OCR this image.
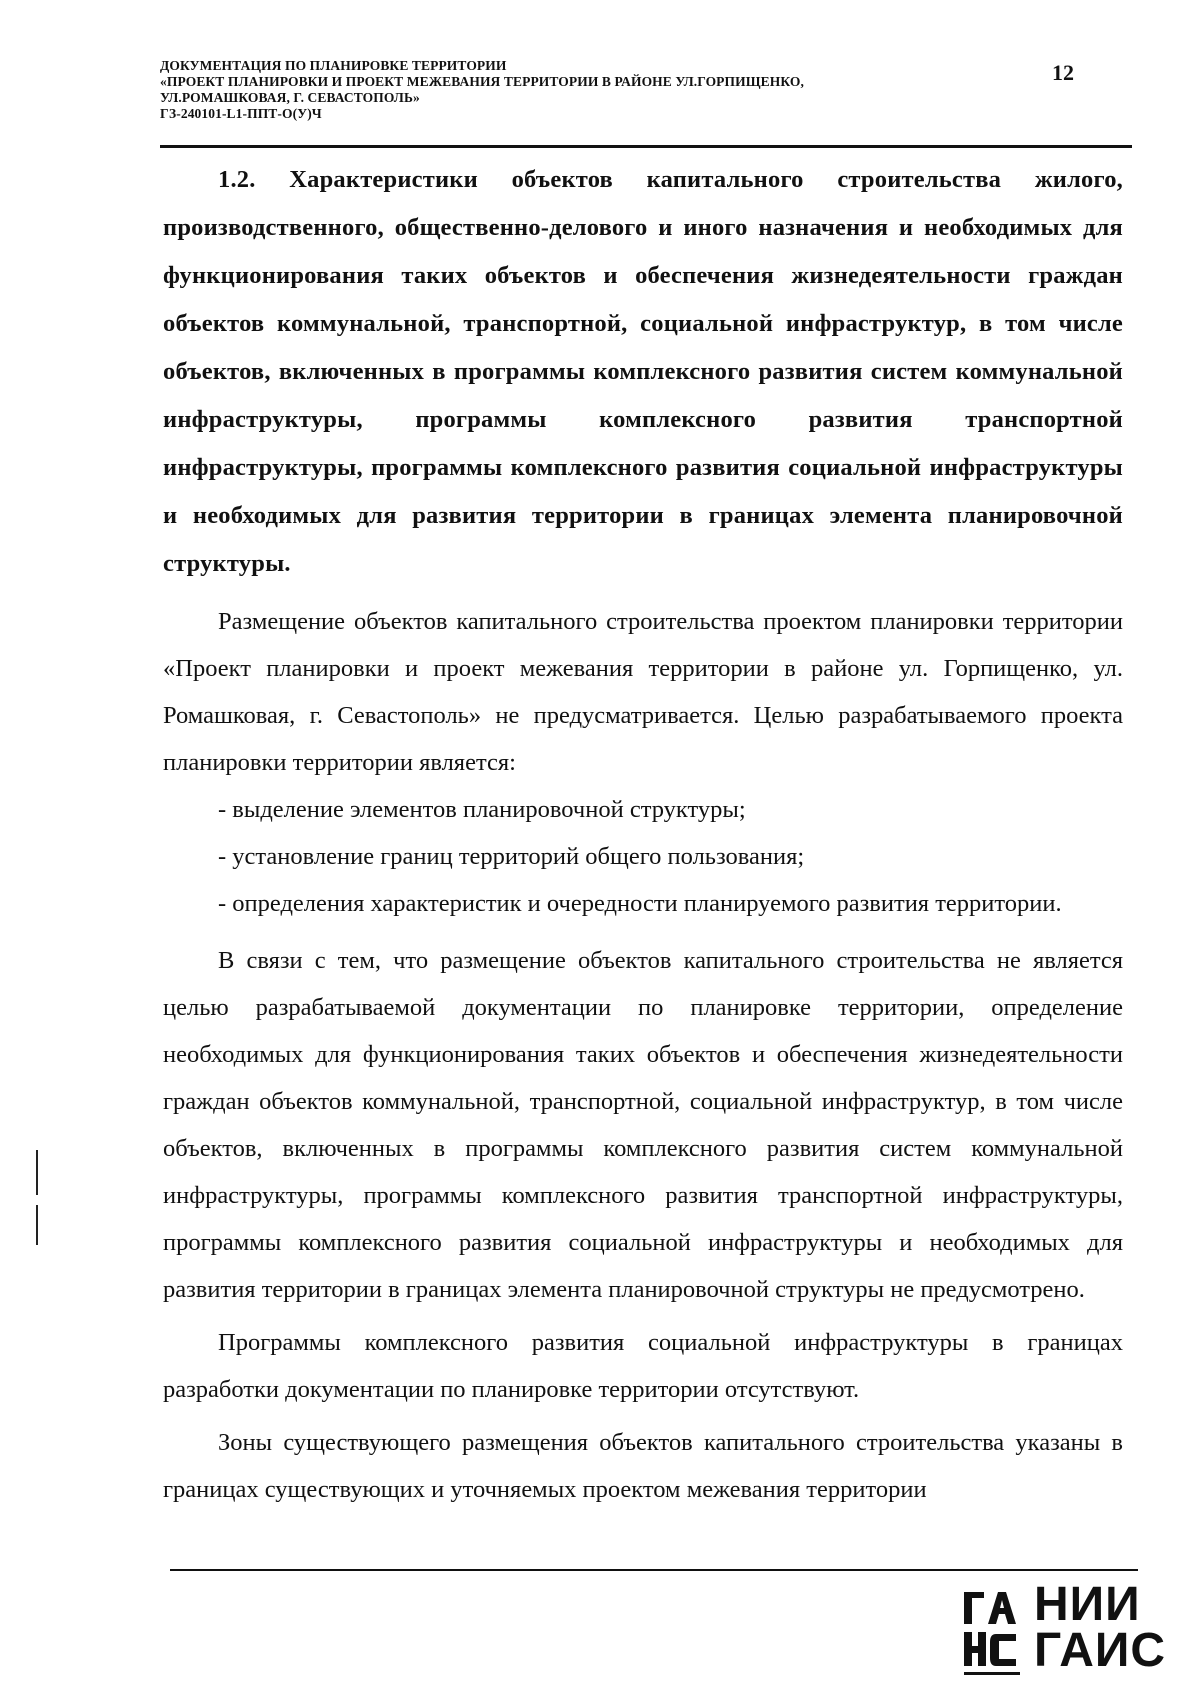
ДОКУМЕНТАЦИЯ ПО ПЛАНИРОВКЕ ТЕРРИТОРИИ
«ПРОЕКТ ПЛАНИРОВКИ И ПРОЕКТ МЕЖЕВАНИЯ ТЕРРИТОРИИ В РАЙОНЕ УЛ.ГОРПИЩЕНКО,
УЛ.РОМАШКОВАЯ, Г. СЕВАСТОПОЛЬ»
ГЗ-240101-L1-ППТ-О(У)Ч
12

1.2. Характеристики объектов капитального строительства жилого, производственного, общественно-делового и иного назначения и необходимых для функционирования таких объектов и обеспечения жизнедеятельности граждан объектов коммунальной, транспортной, социальной инфраструктур, в том числе объектов, включенных в программы комплексного развития систем коммунальной инфраструктуры, программы комплексного развития транспортной инфраструктуры, программы комплексного развития социальной инфраструктуры и необходимых для развития территории в границах элемента планировочной структуры.

Размещение объектов капитального строительства проектом планировки территории «Проект планировки и проект межевания территории в районе ул. Горпищенко, ул. Ромашковая, г. Севастополь» не предусматривается. Целью разрабатываемого проекта планировки территории является:

- выделение элементов планировочной структуры;

- установление границ территорий общего пользования;

- определения характеристик и очередности планируемого развития территории.

В связи с тем, что размещение объектов капитального строительства не является целью разрабатываемой документации по планировке территории, определение необходимых для функционирования таких объектов и обеспечения жизнедеятельности граждан объектов коммунальной, транспортной, социальной инфраструктур, в том числе объектов, включенных в программы комплексного развития систем коммунальной инфраструктуры, программы комплексного развития транспортной инфраструктуры, программы комплексного развития социальной инфраструктуры и необходимых для развития территории в границах элемента планировочной структуры не предусмотрено.

Программы комплексного развития социальной инфраструктуры в границах разработки документации по планировке территории отсутствуют.

Зоны существующего размещения объектов капитального строительства указаны в границах существующих и уточняемых проектом межевания территории

НИИ
ГАИС
